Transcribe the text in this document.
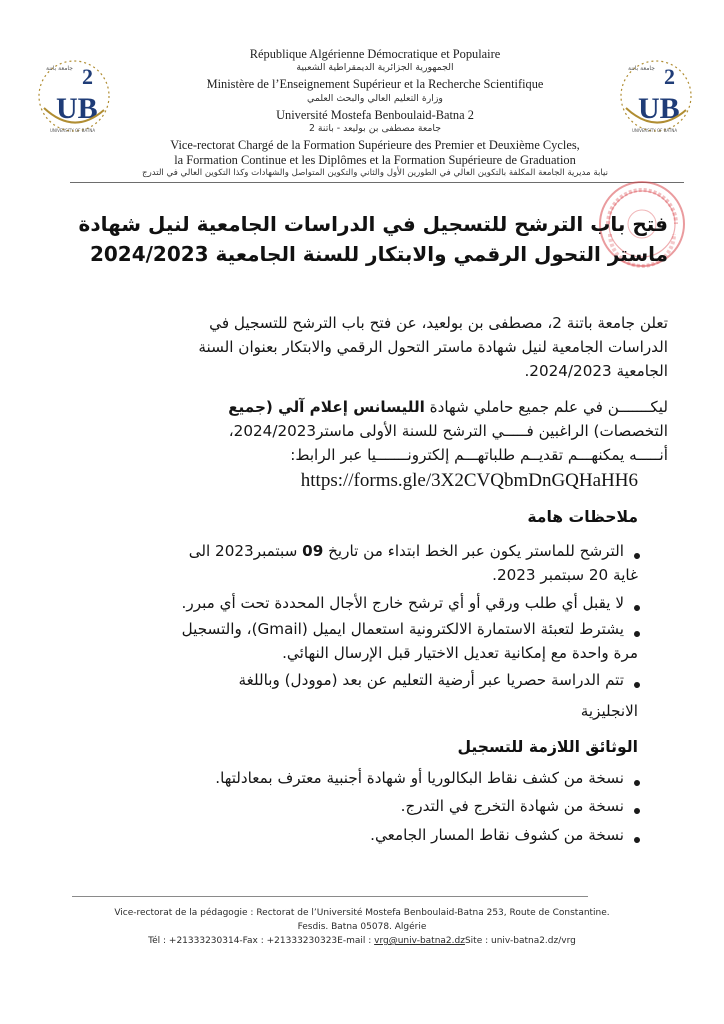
2
جامعة باتنة
UB
UNIVERSITY OF BATNA
2
جامعة باتنة
UB
UNIVERSITY OF BATNA
République Algérienne Démocratique et Populaire
الجمهورية الجزائرية الديمقراطية الشعبية
Ministère de l’Enseignement Supérieur et la Recherche Scientifique
وزارة التعليم العالي والبحث العلمي
Université Mostefa Benboulaid-Batna 2
جامعة مصطفى بن بوليعد - باتنة 2
Vice-rectorat Chargé de la Formation Supérieure des Premier et Deuxième Cycles,
la Formation Continue et les Diplômes et la Formation Supérieure de Graduation
نيابة مديرية الجامعة المكلفة بالتكوين العالي في الطورين الأول والثاني والتكوين المتواصل والشهادات وكذا التكوين العالي في التدرج
فتح باب الترشح للتسجيل في الدراسات الجامعية لنيل شهادة
ماستر التحول الرقمي والابتكار للسنة الجامعية 2024/2023
تعلن جامعة باتنة 2، مصطفى بن بولعيد، عن فتح باب الترشح للتسجيل في
الدراسات الجامعية لنيل شهادة ماستر التحول الرقمي والابتكار بعنوان السنة
الجامعية 2024/2023.
ليكـــــــن في علم جميع حاملي شهادة الليسانس إعلام آلي (جميع
التخصصات) الراغبين فـــــي الترشح للسنة الأولى ماستر2024/2023،
أنـــــه يمكنهـــم تقديــم طلباتهـــم إلكترونـــــــيا عبر الرابط:
https://forms.gle/3X2CVQbmDnGQHaHH6
ملاحظات هامة
الترشح للماستر يكون عبر الخط ابتداء من تاريخ 09 سبتمبر2023 الى
غاية 20 سبتمبر 2023.
لا يقبل أي طلب ورقي أو أي ترشح خارج الأجال المحددة تحت أي مبرر.
يشترط لتعبئة الاستمارة الالكترونية استعمال ايميل (Gmail)، والتسجيل
مرة واحدة مع إمكانية تعديل الاختيار قبل الإرسال النهائي.
تتم الدراسة حصريا عبر أرضية التعليم عن بعد (موودل) وباللغة
الانجليزية
الوثائق اللازمة للتسجيل
نسخة من كشف نقاط البكالوريا أو شهادة أجنبية معترف بمعادلتها.
نسخة من شهادة التخرج في التدرج.
نسخة من كشوف نقاط المسار الجامعي.
Vice-rectorat de la pédagogie : Rectorat de l’Université Mostefa Benboulaid-Batna 253, Route de Constantine.
Fesdis. Batna 05078. Algérie
Tél : +21333230314-Fax : +21333230323E-mail : vrg@univ-batna2.dzSite : univ-batna2.dz/vrg
